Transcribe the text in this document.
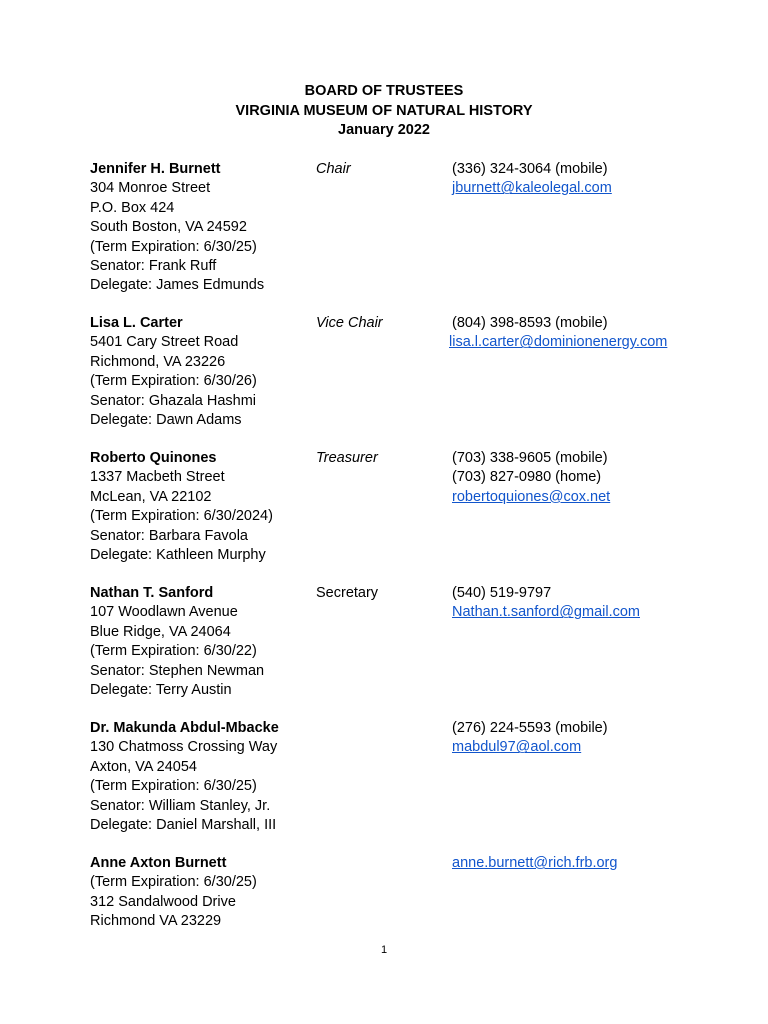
BOARD OF TRUSTEES
VIRGINIA MUSEUM OF NATURAL HISTORY
January 2022
Jennifer H. Burnett
304 Monroe Street
P.O. Box 424
South Boston, VA 24592
(Term Expiration: 6/30/25)
Senator: Frank Ruff
Delegate: James Edmunds
Chair	(336) 324-3064 (mobile)
jburnett@kaleolegal.com
Lisa L. Carter
5401 Cary Street Road
Richmond, VA 23226
(Term Expiration: 6/30/26)
Senator: Ghazala Hashmi
Delegate: Dawn Adams
Vice Chair	(804) 398-8593 (mobile)
lisa.l.carter@dominionenergy.com
Roberto Quinones
1337 Macbeth Street
McLean, VA 22102
(Term Expiration: 6/30/2024)
Senator: Barbara Favola
Delegate: Kathleen Murphy
Treasurer	(703) 338-9605 (mobile)
(703) 827-0980 (home)
robertoquiones@cox.net
Nathan T. Sanford
107 Woodlawn Avenue
Blue Ridge, VA 24064
(Term Expiration: 6/30/22)
Senator: Stephen Newman
Delegate: Terry Austin
Secretary	(540) 519-9797
Nathan.t.sanford@gmail.com
Dr. Makunda Abdul-Mbacke
130 Chatmoss Crossing Way
Axton, VA 24054
(Term Expiration: 6/30/25)
Senator: William Stanley, Jr.
Delegate: Daniel Marshall, III
(276) 224-5593 (mobile)
mabdul97@aol.com
Anne Axton Burnett
(Term Expiration: 6/30/25)
312 Sandalwood Drive
Richmond VA 23229
anne.burnett@rich.frb.org
1
